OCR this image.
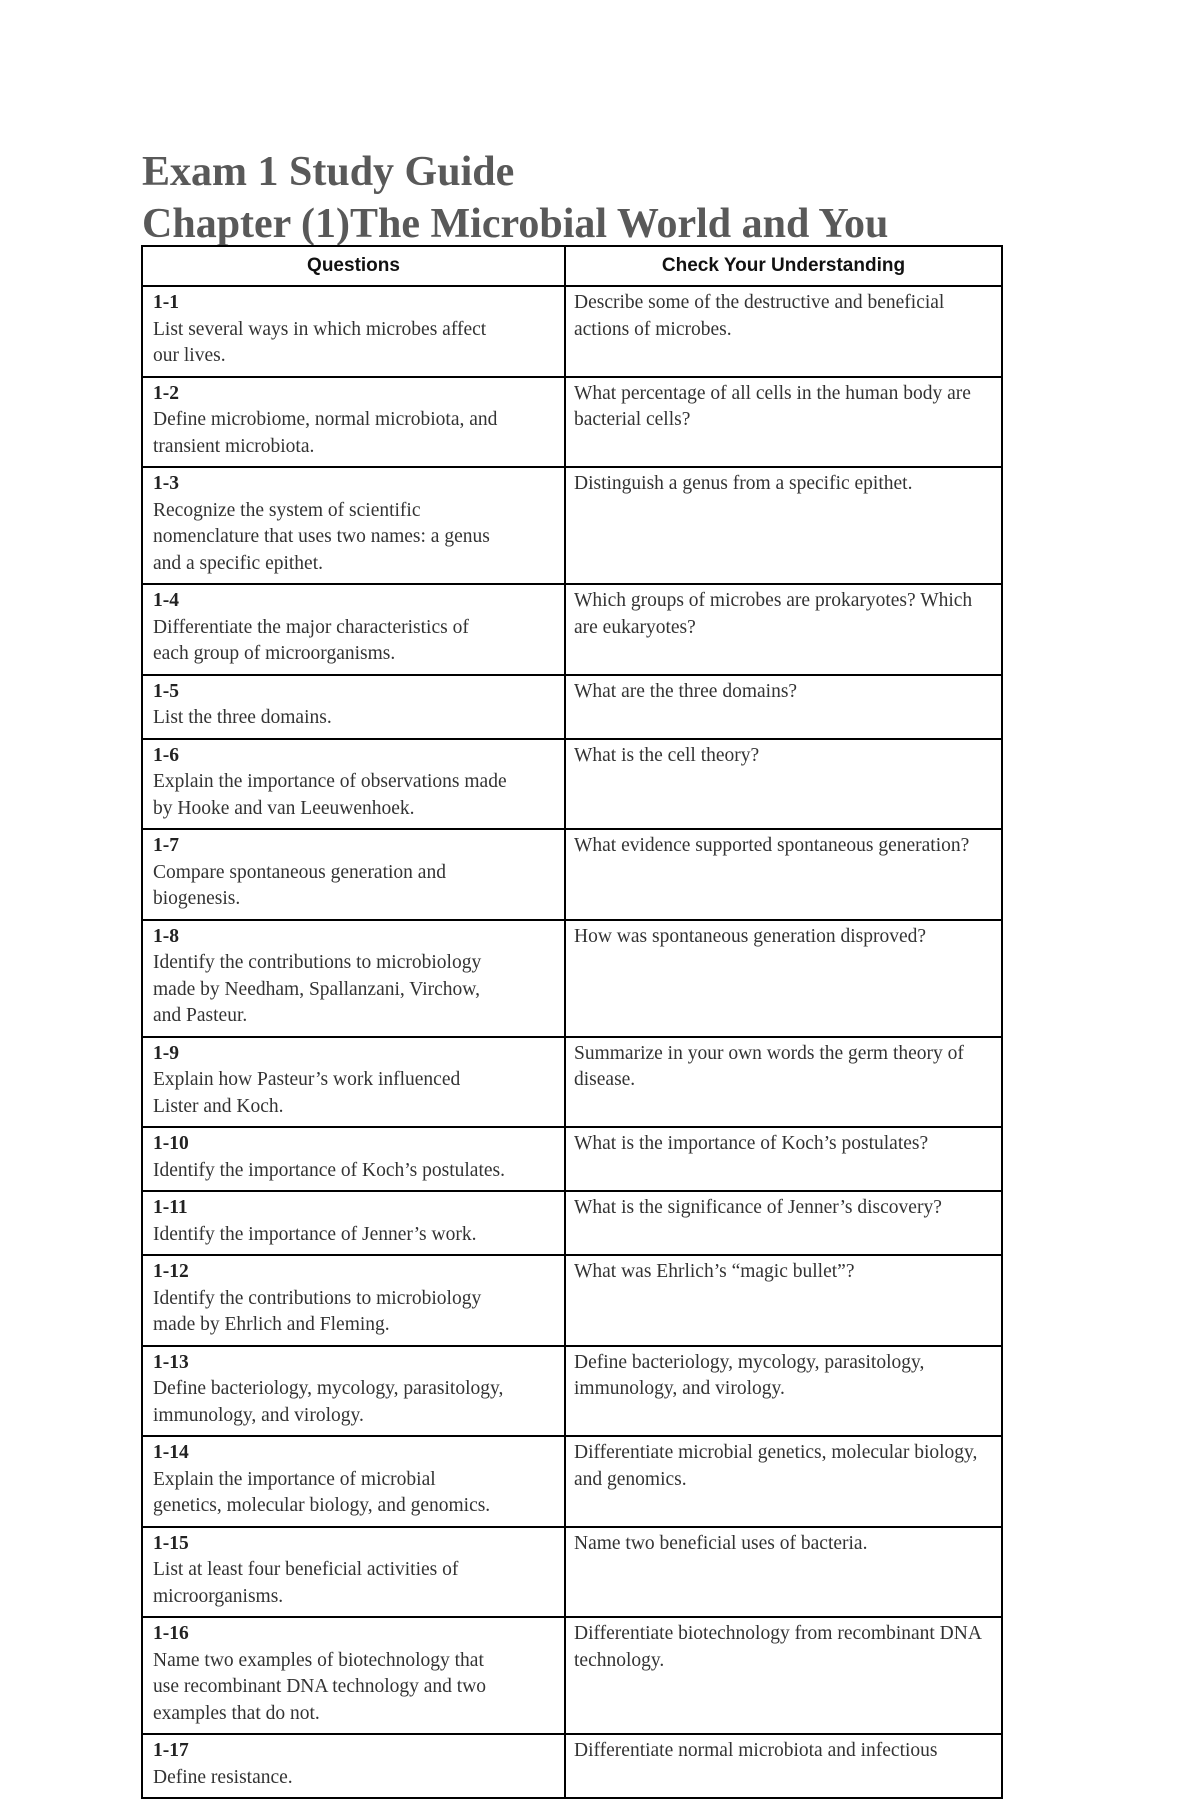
Exam 1 Study Guide
Chapter (1)The Microbial World and You
Questions	Check Your Understanding
1-1List several ways in which microbes affect our lives.	Describe some of the destructive and beneficial actions of microbes.
1-2Define microbiome, normal microbiota, and transient microbiota.	What percentage of all cells in the human body are bacterial cells?
1-3Recognize the system of scientific nomenclature that uses two names: a genus and a specific epithet.	Distinguish a genus from a specific epithet.
1-4Differentiate the major characteristics of each group of microorganisms.	Which groups of microbes are prokaryotes? Which are eukaryotes?
1-5List the three domains.	What are the three domains?
1-6Explain the importance of observations made by Hooke and van Leeuwenhoek.	What is the cell theory?
1-7Compare spontaneous generation and biogenesis.	What evidence supported spontaneous generation?
1-8Identify the contributions to microbiology made by Needham, Spallanzani, Virchow, and Pasteur.	How was spontaneous generation disproved?
1-9Explain how Pasteur’s work influenced Lister and Koch.	Summarize in your own words the germ theory of disease.
1-10Identify the importance of Koch’s postulates.	What is the importance of Koch’s postulates?
1-11Identify the importance of Jenner’s work.	What is the significance of Jenner’s discovery?
1-12Identify the contributions to microbiology made by Ehrlich and Fleming.	What was Ehrlich’s “magic bullet”?
1-13Define bacteriology, mycology, parasitology, immunology, and virology.	Define bacteriology, mycology, parasitology, immunology, and virology.
1-14Explain the importance of microbial genetics, molecular biology, and genomics.	Differentiate microbial genetics, molecular biology, and genomics.
1-15List at least four beneficial activities of microorganisms.	Name two beneficial uses of bacteria.
1-16Name two examples of biotechnology that use recombinant DNA technology and two examples that do not.	Differentiate biotechnology from recombinant DNA technology.
1-17Define resistance.	Differentiate normal microbiota and infectious
